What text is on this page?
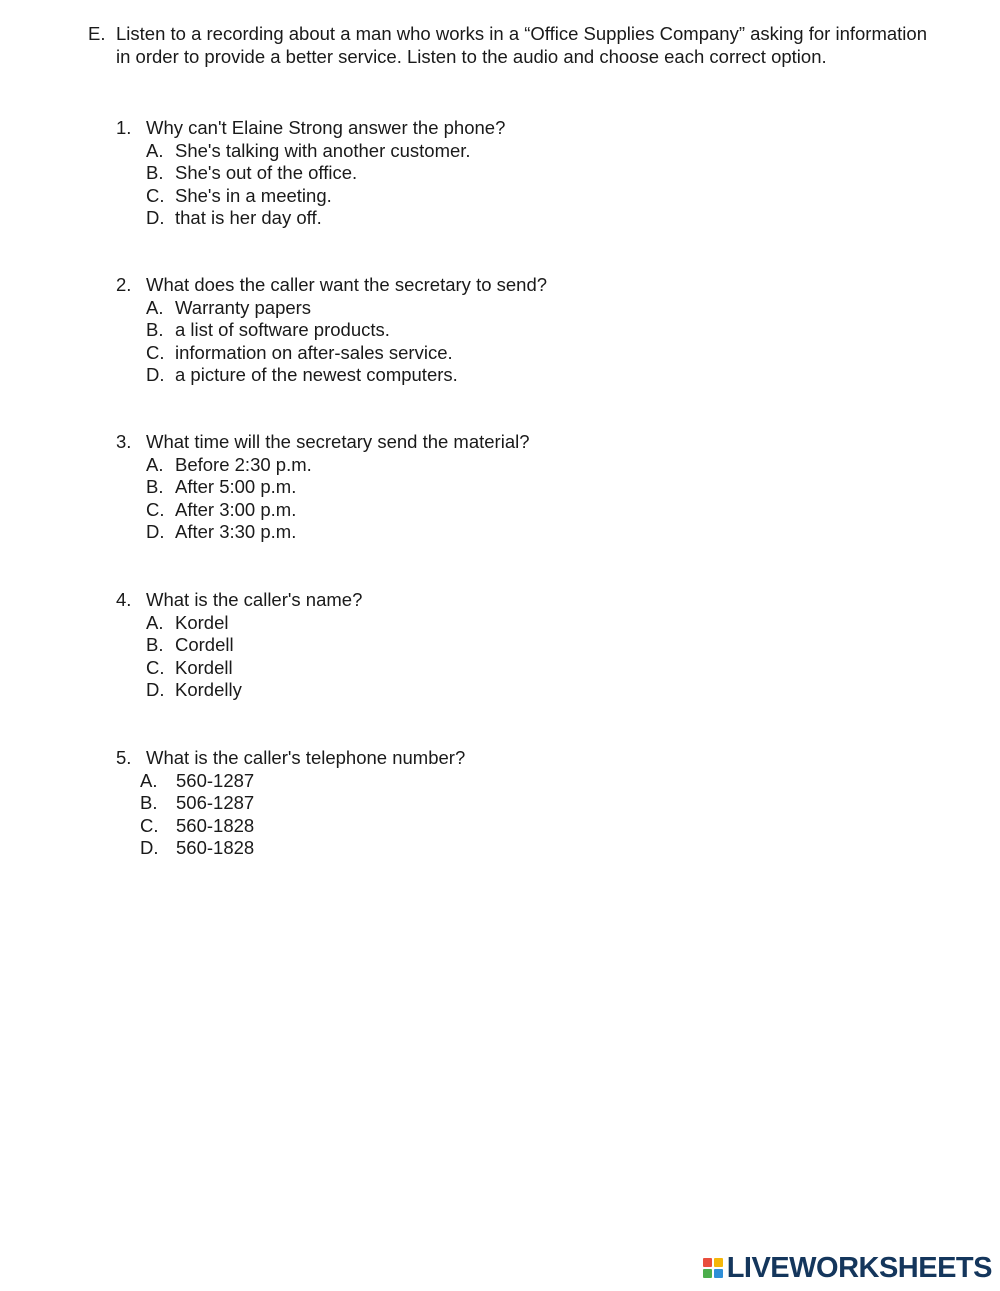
E. Listen to a recording about a man who works in a “Office Supplies Company” asking for information in order to provide a better service. Listen to the audio and choose each correct option.
1. Why can't Elaine Strong answer the phone?
A. She's talking with another customer.
B. She's out of the office.
C. She's in a meeting.
D. that is her day off.
2. What does the caller want the secretary to send?
A. Warranty papers
B. a list of software products.
C. information on after-sales service.
D. a picture of the newest computers.
3. What time will the secretary send the material?
A. Before 2:30 p.m.
B. After 5:00 p.m.
C. After 3:00 p.m.
D. After 3:30 p.m.
4. What is the caller's name?
A. Kordel
B. Cordell
C. Kordell
D. Kordelly
5. What is the caller's telephone number?
A. 560-1287
B. 506-1287
C. 560-1828
D. 560-1828
LIVEWORKSHEETS
